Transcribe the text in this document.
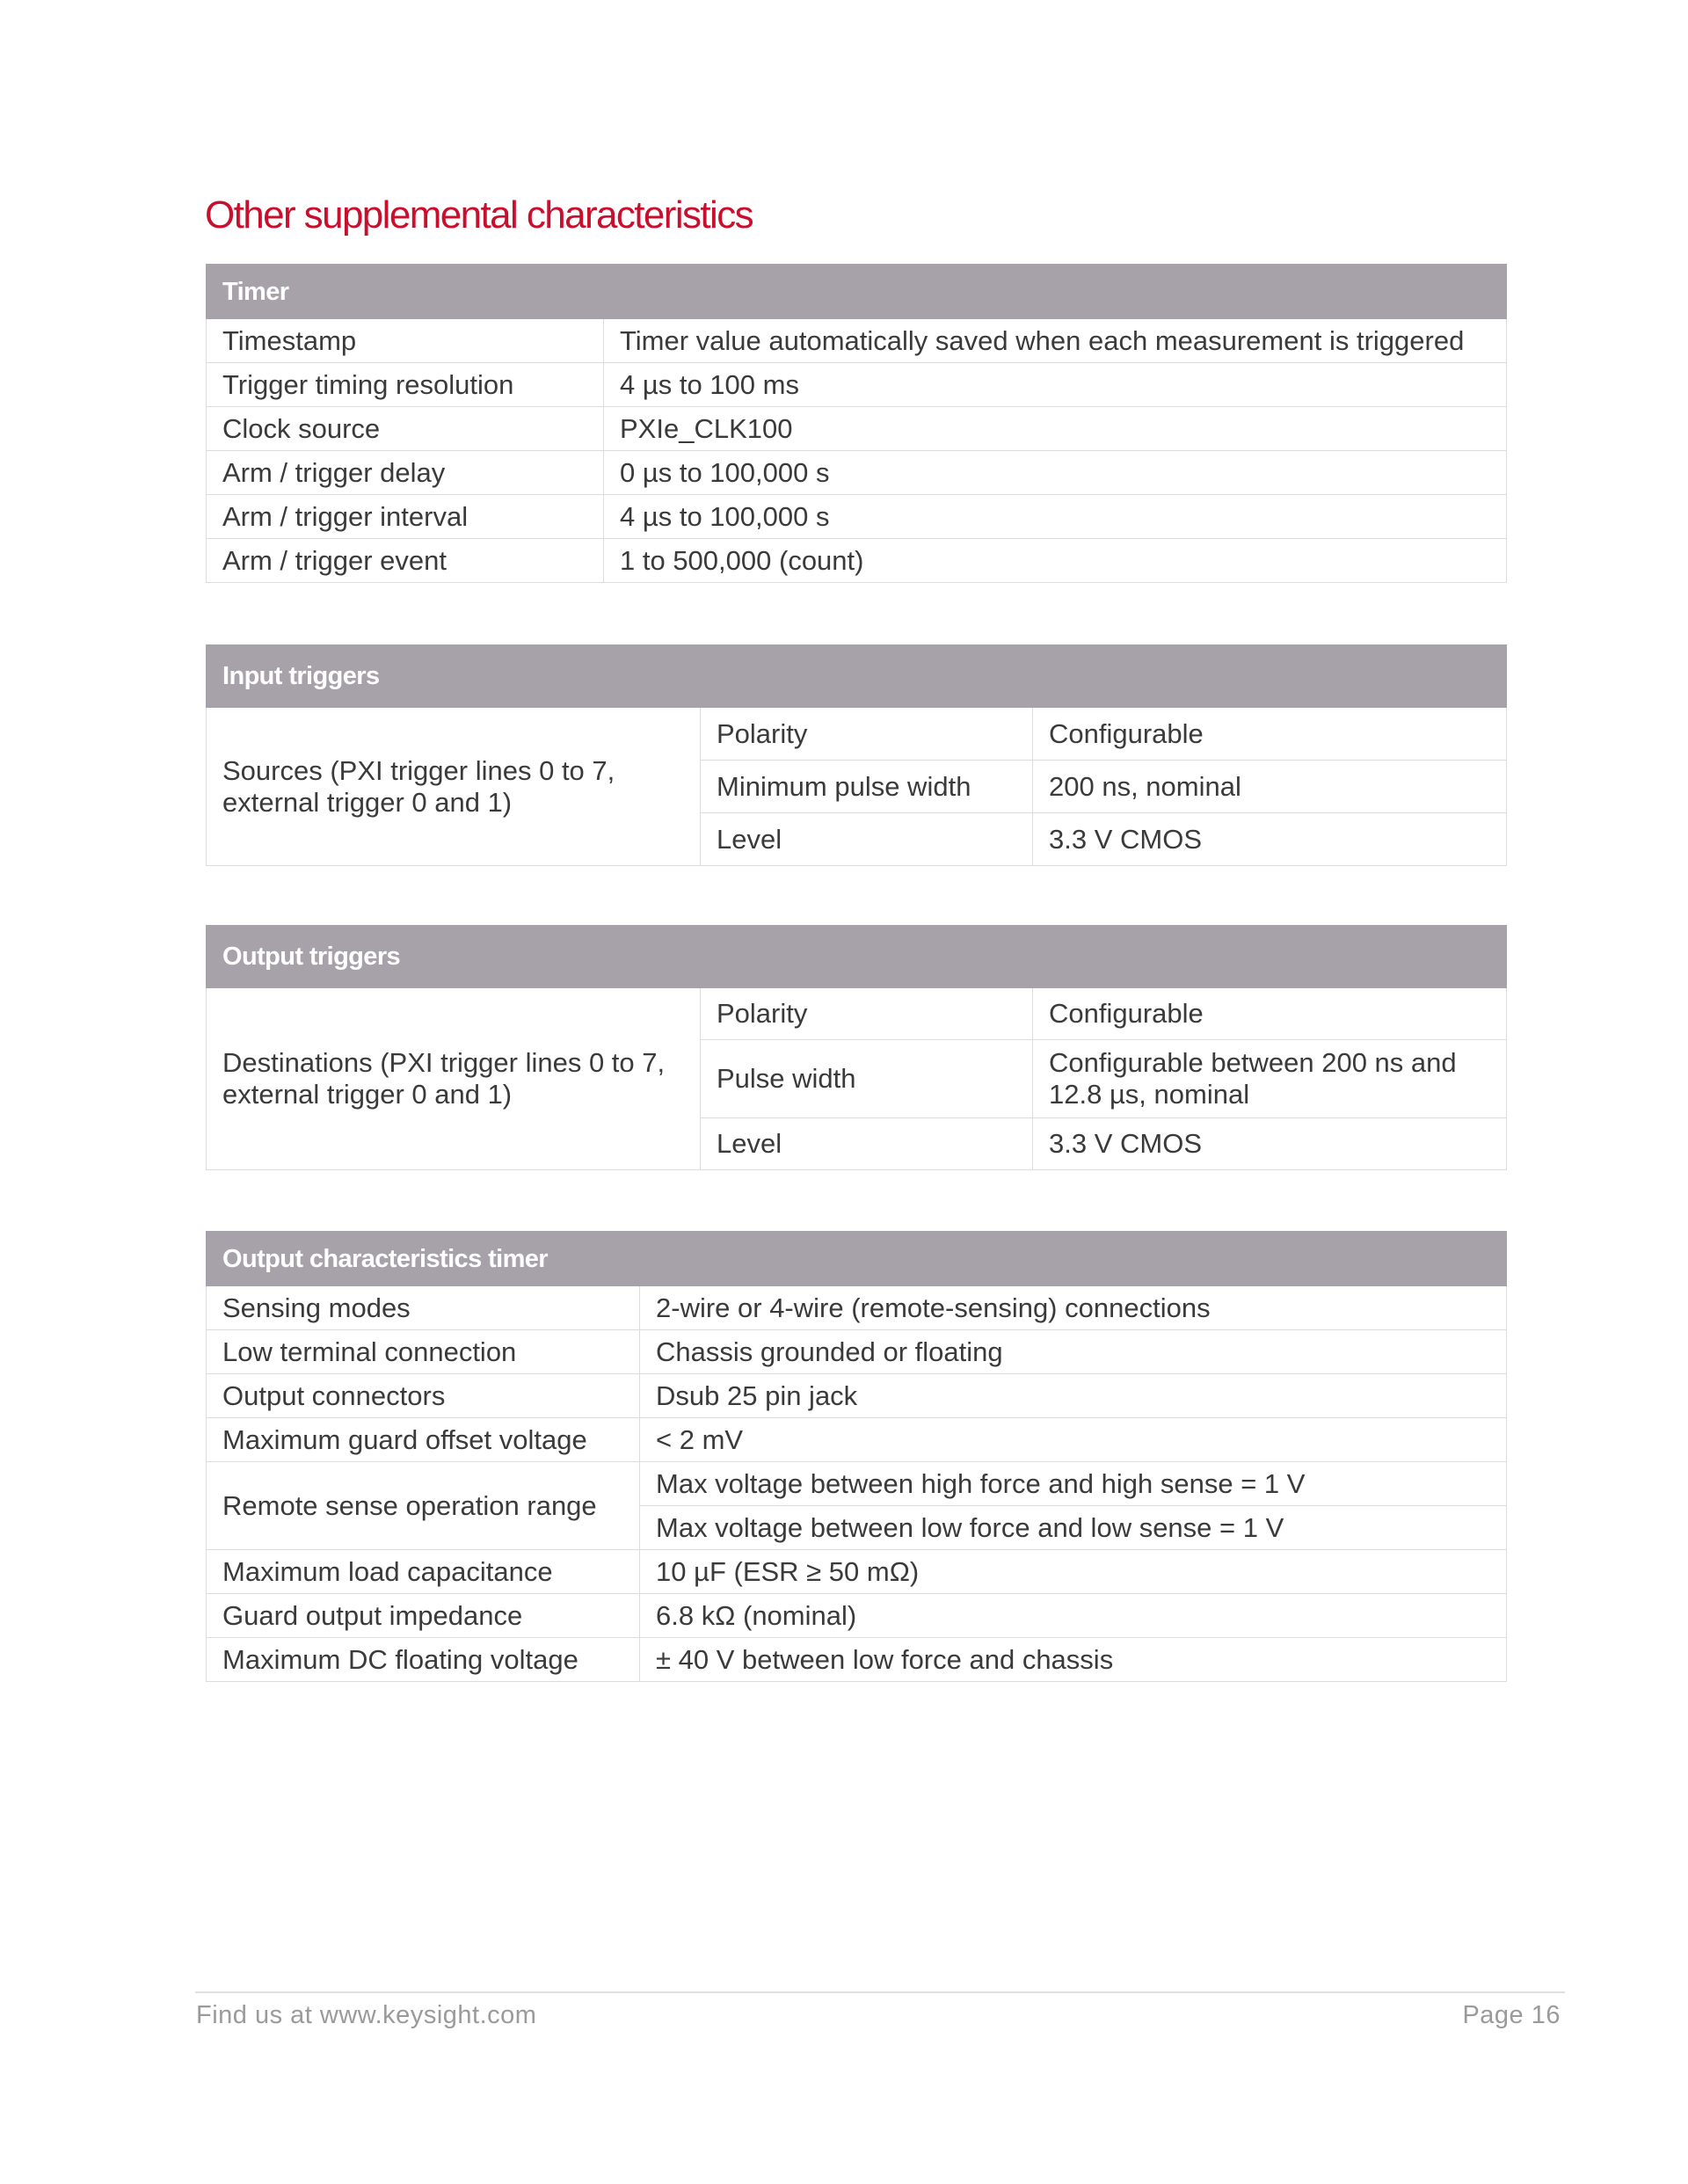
Other supplemental characteristics
Timer	
Timestamp	Timer value automatically saved when each measurement is triggered
Trigger timing resolution	4 µs to 100 ms
Clock source	PXIe_CLK100
Arm / trigger delay	0 µs to 100,000 s
Arm / trigger interval	4 µs to 100,000 s
Arm / trigger event	1 to 500,000 (count)
Input triggers		
Sources (PXI trigger lines 0 to 7, external trigger 0 and 1)	Polarity	Configurable
	Minimum pulse width	200 ns, nominal
	Level	3.3 V CMOS
Output triggers		
Destinations (PXI trigger lines 0 to 7, external trigger 0 and 1)	Polarity	Configurable
	Pulse width	Configurable between 200 ns and 12.8 µs, nominal
	Level	3.3 V CMOS
Output characteristics timer	
Sensing modes	2-wire or 4-wire (remote-sensing) connections
Low terminal connection	Chassis grounded or floating
Output connectors	Dsub 25 pin jack
Maximum guard offset voltage	< 2 mV
Remote sense operation range	Max voltage between high force and high sense = 1 V
	Max voltage between low force and low sense = 1 V
Maximum load capacitance	10 µF (ESR ≥ 50 mΩ)
Guard output impedance	6.8 kΩ (nominal)
Maximum DC floating voltage	± 40 V between low force and chassis
Find us at www.keysight.com	Page 16
